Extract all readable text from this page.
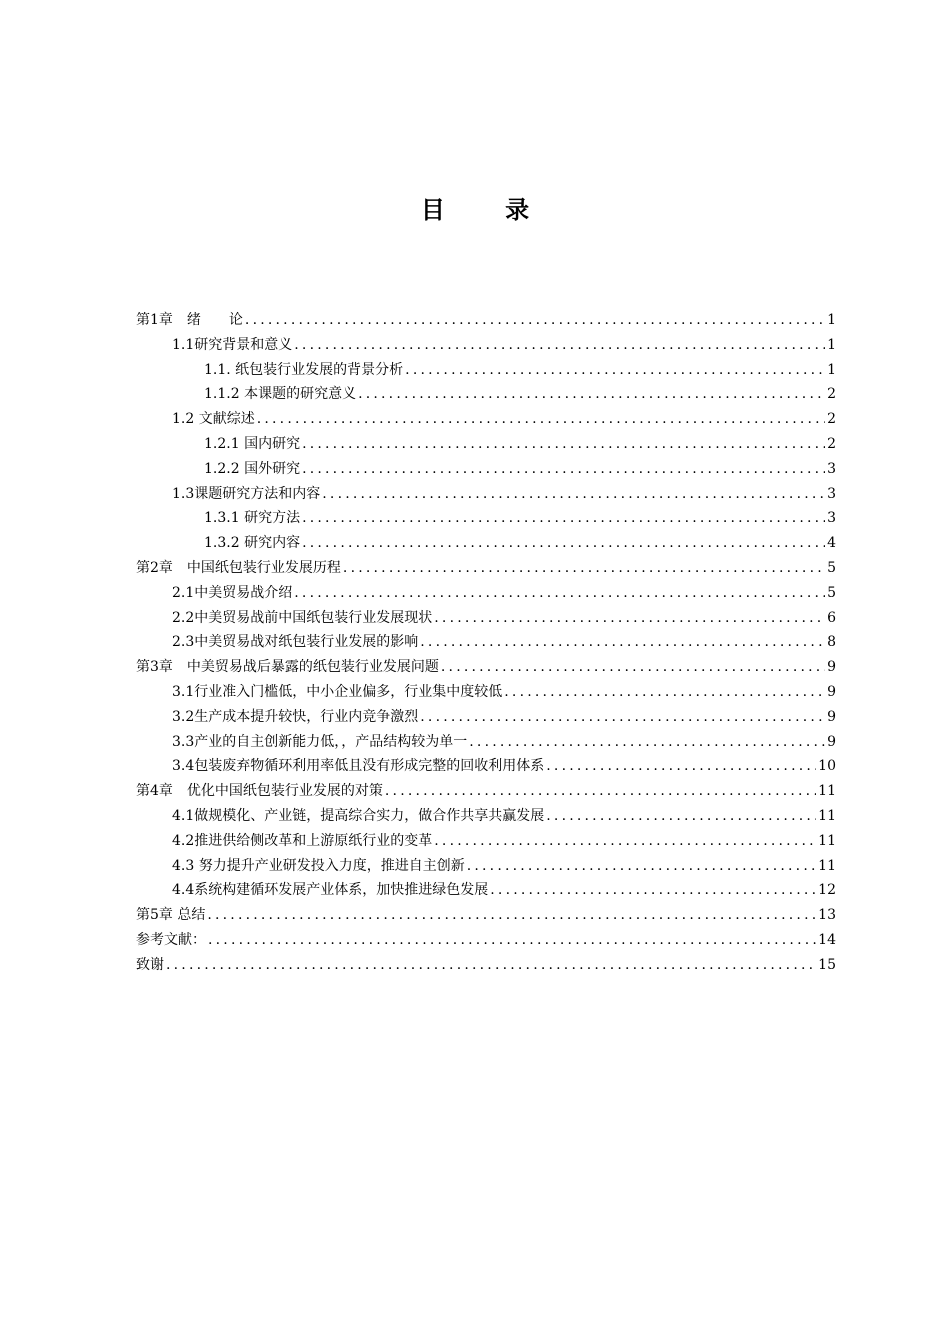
目 录
第1章　绪　　论 .....	1
1.1研究背景和意义 .....	1
1.1. 纸包装行业发展的背景分析 .....	1
1.1.2 本课题的研究意义 .....	2
1.2 文献综述 .....	2
1.2.1 国内研究 .....	2
1.2.2 国外研究 .....	3
1.3课题研究方法和内容 .....	3
1.3.1 研究方法 .....	3
1.3.2 研究内容 .....	4
第2章　中国纸包装行业发展历程 .....	5
2.1中美贸易战介绍 .....	5
2.2中美贸易战前中国纸包装行业发展现状 .....	6
2.3中美贸易战对纸包装行业发展的影响 .....	8
第3章　中美贸易战后暴露的纸包装行业发展问题 .....	9
3.1行业准入门槛低，中小企业偏多，行业集中度较低 .....	9
3.2生产成本提升较快，行业内竞争激烈 .....	9
3.3产业的自主创新能力低，，产品结构较为单一 .....	9
3.4包装废弃物循环利用率低且没有形成完整的回收利用体系 .....	10
第4章　优化中国纸包装行业发展的对策 .....	11
4.1做规模化、产业链，提高综合实力，做合作共享共赢发展 .....	11
4.2推进供给侧改革和上游原纸行业的变革 .....	11
4.3 努力提升产业研发投入力度，推进自主创新 .....	11
4.4系统构建循环发展产业体系，加快推进绿色发展 .....	12
第5章 总结 .....	13
参考文献： .....	14
致谢 .....	15
